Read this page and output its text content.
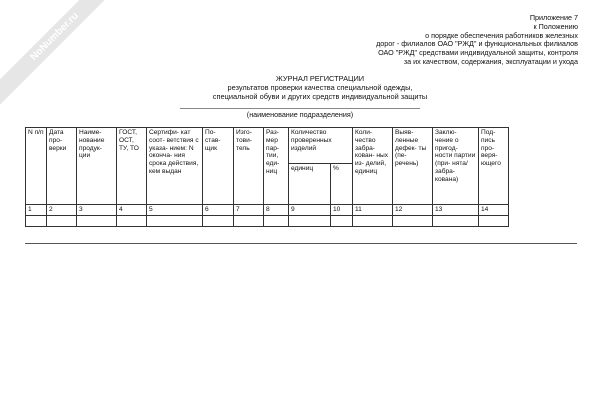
NoNumber.ru	Приложение 7
к Положению
о порядке обеспечения работников железных
дорог - филиалов ОАО "РЖД" и функциональных филиалов
ОАО "РЖД" средствами индивидуальной защиты, контроля
за их качеством, содержания, эксплуатации и ухода
ЖУРНАЛ РЕГИСТРАЦИИ
результатов проверки качества специальной одежды,
специальной обуви и других средств индивидуальной защиты
(наименование подразделения)
N п/п	Дата про- верки	Наиме- нование продук- ции	ГОСТ, ОСТ, ТУ, ТО	Сертифи- кат соот- ветствия с указа- нием: N оконча- ния срока действия, кем выдан	По- став- щик	Изго- тови- тель	Раз- мер пар- тии, еди- ниц	Количество проверенных изделий		Коли- чество забра- кован- ных из- делий, единиц	Выяв- ленные дефек- ты (пе- речень)	Заклю- чение о пригод- ности партии (при- нята/ забра- кована)	Под- пись про- веря- ющего
								единиц	%				
1	2	3	4	5	6	7	8	9	10	11	12	13	14
